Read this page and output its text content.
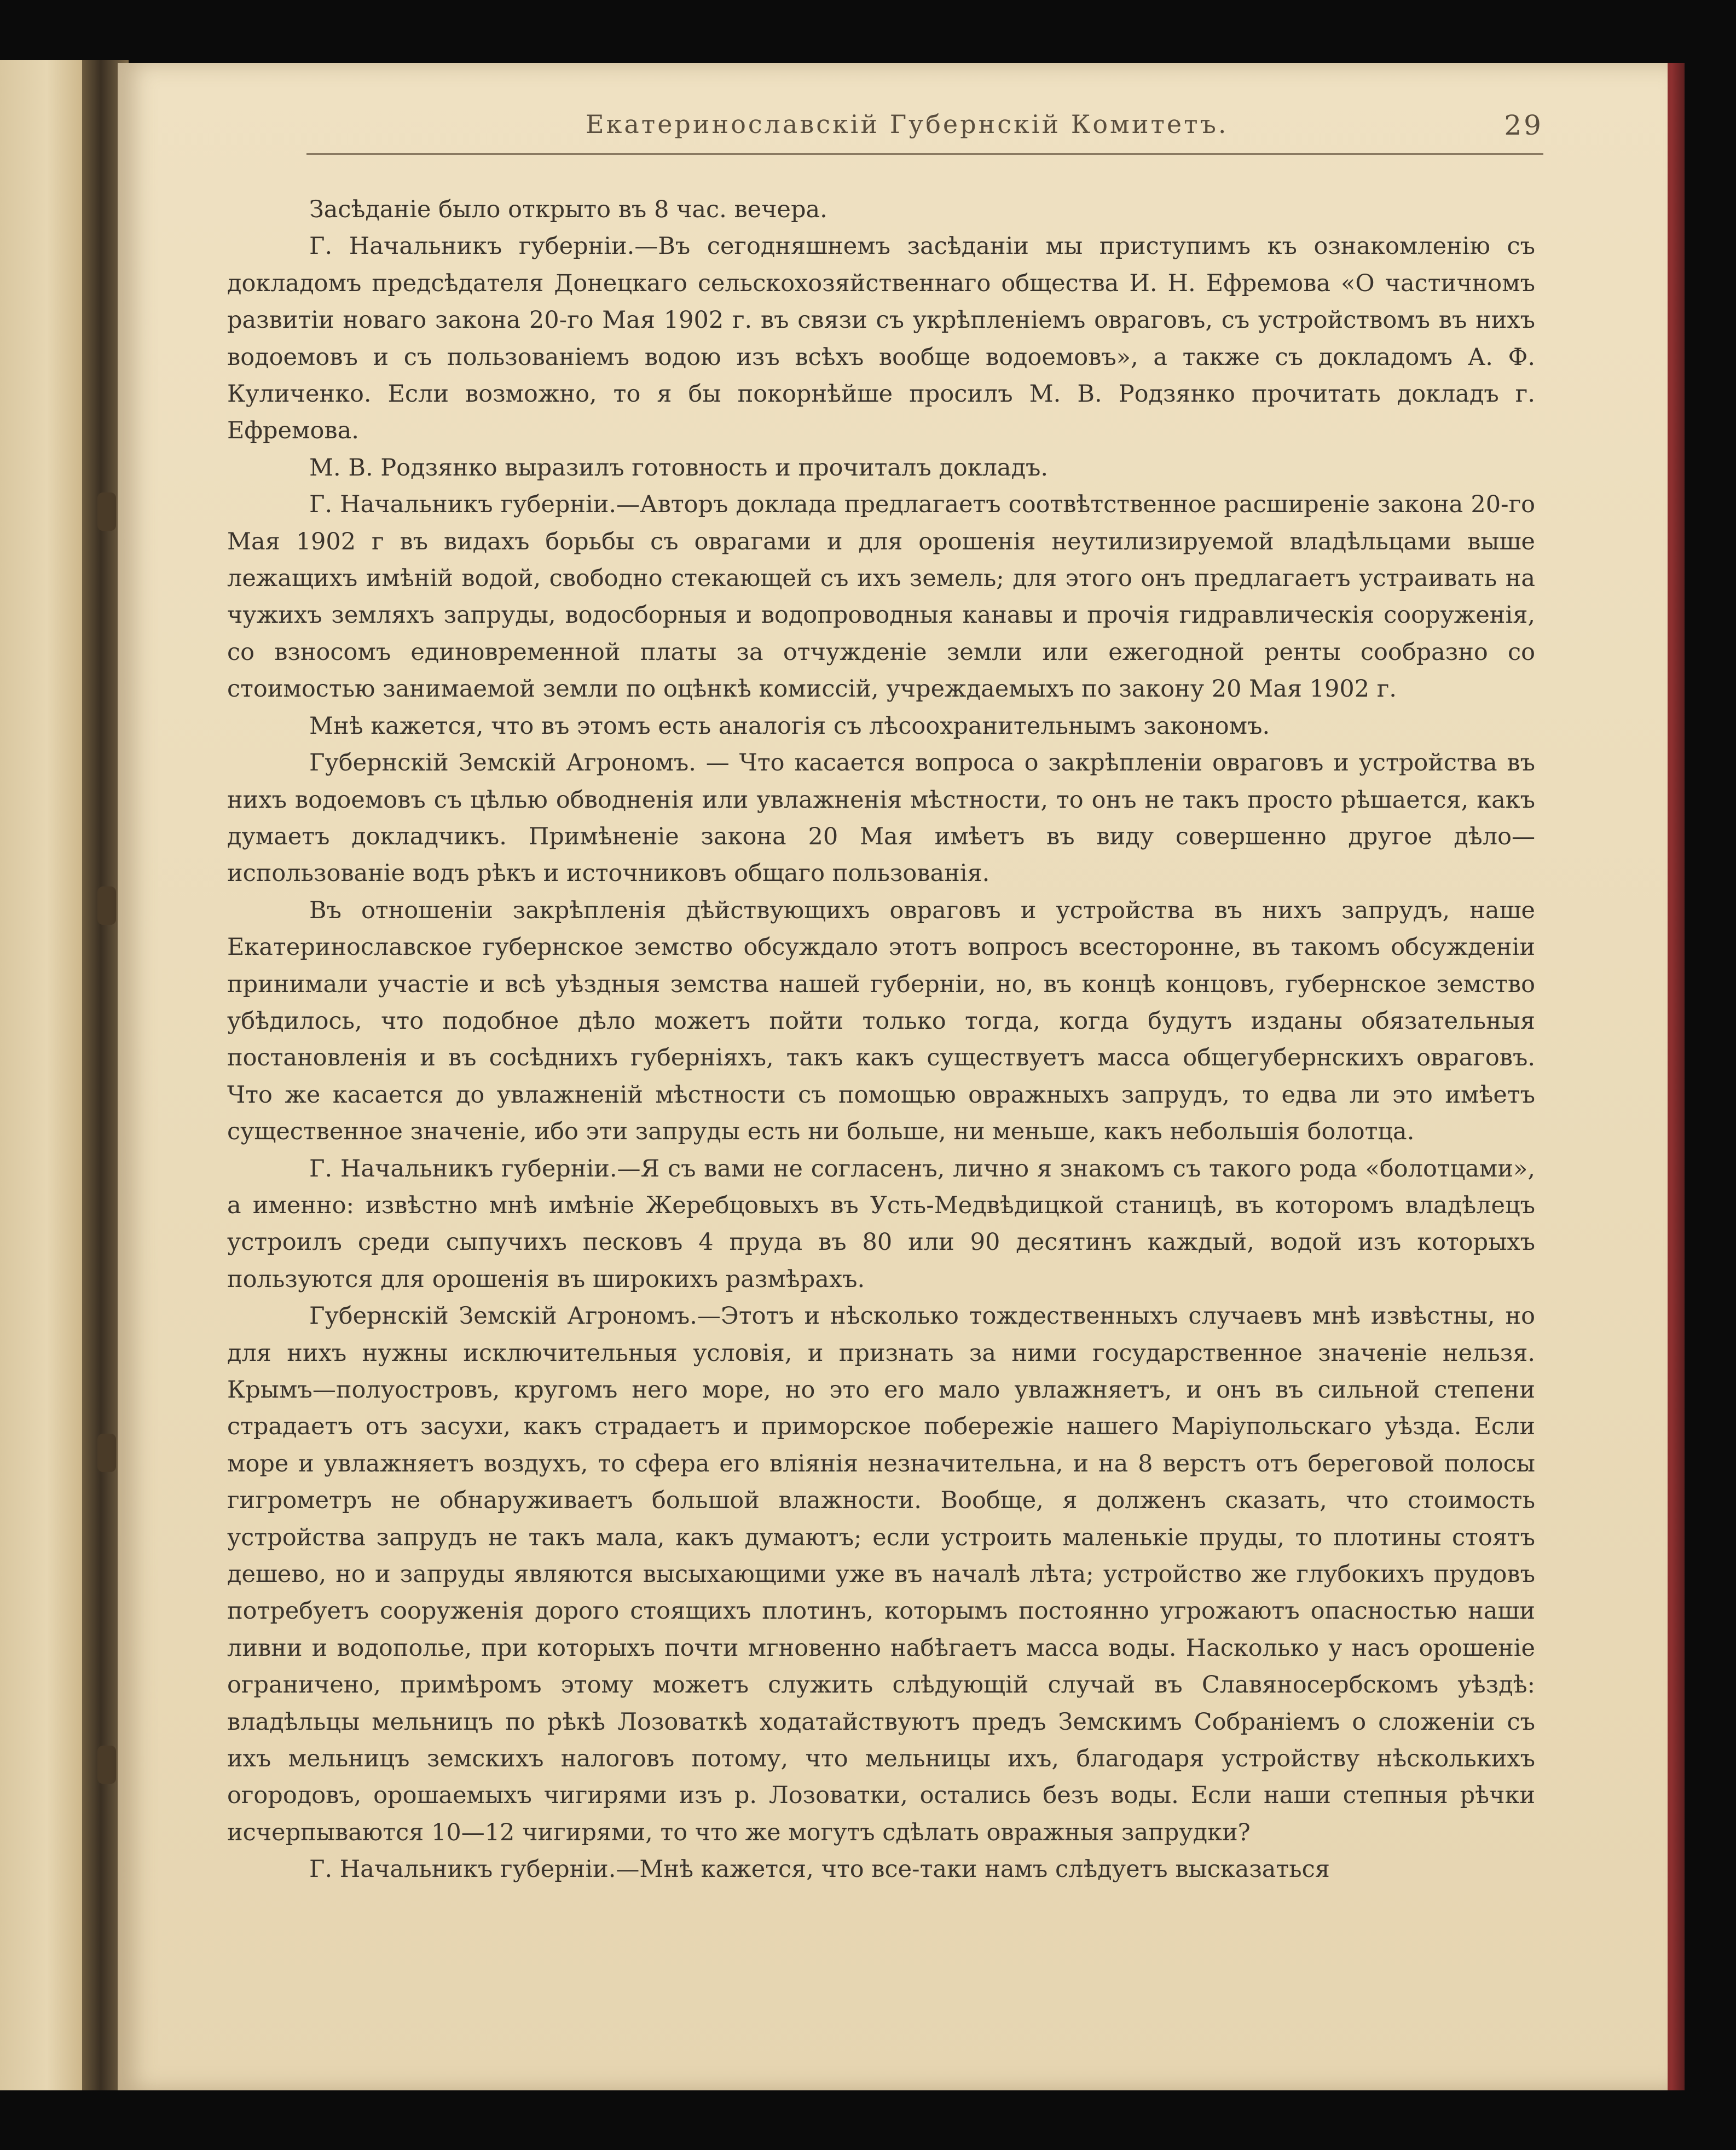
Екатеринославскій Губернскій Комитетъ.	29

Засѣданіе было открыто въ 8 час. вечера.

Г. Начальникъ губерніи.—Въ сегодняшнемъ засѣданіи мы приступимъ къ ознакомленію съ докладомъ предсѣдателя Донецкаго сельскохозяйственнаго общества И. Н. Ефремова «О частичномъ развитіи новаго закона 20-го Мая 1902 г. въ связи съ укрѣпленіемъ овраговъ, съ устройствомъ въ нихъ водоемовъ и съ пользованіемъ водою изъ всѣхъ вообще водоемовъ», а также съ докладомъ А. Ф. Куличенко. Если возможно, то я бы покорнѣйше просилъ М. В. Родзянко прочитать докладъ г. Ефремова.

М. В. Родзянко выразилъ готовность и прочиталъ докладъ.

Г. Начальникъ губерніи.—Авторъ доклада предлагаетъ соотвѣтственное расширеніе закона 20-го Мая 1902 г въ видахъ борьбы съ оврагами и для орошенія неутилизируемой владѣльцами выше лежащихъ имѣній водой, свободно стекающей съ ихъ земель; для этого онъ предлагаетъ устраивать на чужихъ земляхъ запруды, водосборныя и водопроводныя канавы и прочія гидравлическія сооруженія, со взносомъ единовременной платы за отчужденіе земли или ежегодной ренты сообразно со стоимостью занимаемой земли по оцѣнкѣ комиссій, учреждаемыхъ по закону 20 Мая 1902 г.

Мнѣ кажется, что въ этомъ есть аналогія съ лѣсоохранительнымъ закономъ.

Губернскій Земскій Агрономъ. — Что касается вопроса о закрѣпленіи овраговъ и устройства въ нихъ водоемовъ съ цѣлью обводненія или увлажненія мѣстности, то онъ не такъ просто рѣшается, какъ думаетъ докладчикъ. Примѣненіе закона 20 Мая имѣетъ въ виду совершенно другое дѣло—использованіе водъ рѣкъ и источниковъ общаго пользованія.

Въ отношеніи закрѣпленія дѣйствующихъ овраговъ и устройства въ нихъ запрудъ, наше Екатеринославское губернское земство обсуждало этотъ вопросъ всесторонне, въ такомъ обсужденіи принимали участіе и всѣ уѣздныя земства нашей губерніи, но, въ концѣ концовъ, губернское земство убѣдилось, что подобное дѣло можетъ пойти только тогда, когда будутъ изданы обязательныя постановленія и въ сосѣднихъ губерніяхъ, такъ какъ существуетъ масса общегубернскихъ овраговъ. Что же касается до увлажненій мѣстности съ помощью овражныхъ запрудъ, то едва ли это имѣетъ существенное значеніе, ибо эти запруды есть ни больше, ни меньше, какъ небольшія болотца.

Г. Начальникъ губерніи.—Я съ вами не согласенъ, лично я знакомъ съ такого рода «болотцами», а именно: извѣстно мнѣ имѣніе Жеребцовыхъ въ Усть-Медвѣдицкой станицѣ, въ которомъ владѣлецъ устроилъ среди сыпучихъ песковъ 4 пруда въ 80 или 90 десятинъ каждый, водой изъ которыхъ пользуются для орошенія въ широкихъ размѣрахъ.

Губернскій Земскій Агрономъ.—Этотъ и нѣсколько тождественныхъ случаевъ мнѣ извѣстны, но для нихъ нужны исключительныя условія, и признать за ними государственное значеніе нельзя. Крымъ—полуостровъ, кругомъ него море, но это его мало увлажняетъ, и онъ въ сильной степени страдаетъ отъ засухи, какъ страдаетъ и приморское побережіе нашего Маріупольскаго уѣзда. Если море и увлажняетъ воздухъ, то сфера его вліянія незначительна, и на 8 верстъ отъ береговой полосы гигрометръ не обнаруживаетъ большой влажности. Вообще, я долженъ сказать, что стоимость устройства запрудъ не такъ мала, какъ думаютъ; если устроить маленькіе пруды, то плотины стоятъ дешево, но и запруды являются высыхающими уже въ началѣ лѣта; устройство же глубокихъ прудовъ потребуетъ сооруженія дорого стоящихъ плотинъ, которымъ постоянно угрожаютъ опасностью наши ливни и водополье, при которыхъ почти мгновенно набѣгаетъ масса воды. Насколько у насъ орошеніе ограничено, примѣромъ этому можетъ служить слѣдующій случай въ Славяносербскомъ уѣздѣ: владѣльцы мельницъ по рѣкѣ Лозоваткѣ ходатайствуютъ предъ Земскимъ Собраніемъ о сложеніи съ ихъ мельницъ земскихъ налоговъ потому, что мельницы ихъ, благодаря устройству нѣсколькихъ огородовъ, орошаемыхъ чигирями изъ р. Лозоватки, остались безъ воды. Если наши степныя рѣчки исчерпываются 10—12 чигирями, то что же могутъ сдѣлать овражныя запрудки?

Г. Начальникъ губерніи.—Мнѣ кажется, что все-таки намъ слѣдуетъ высказаться
